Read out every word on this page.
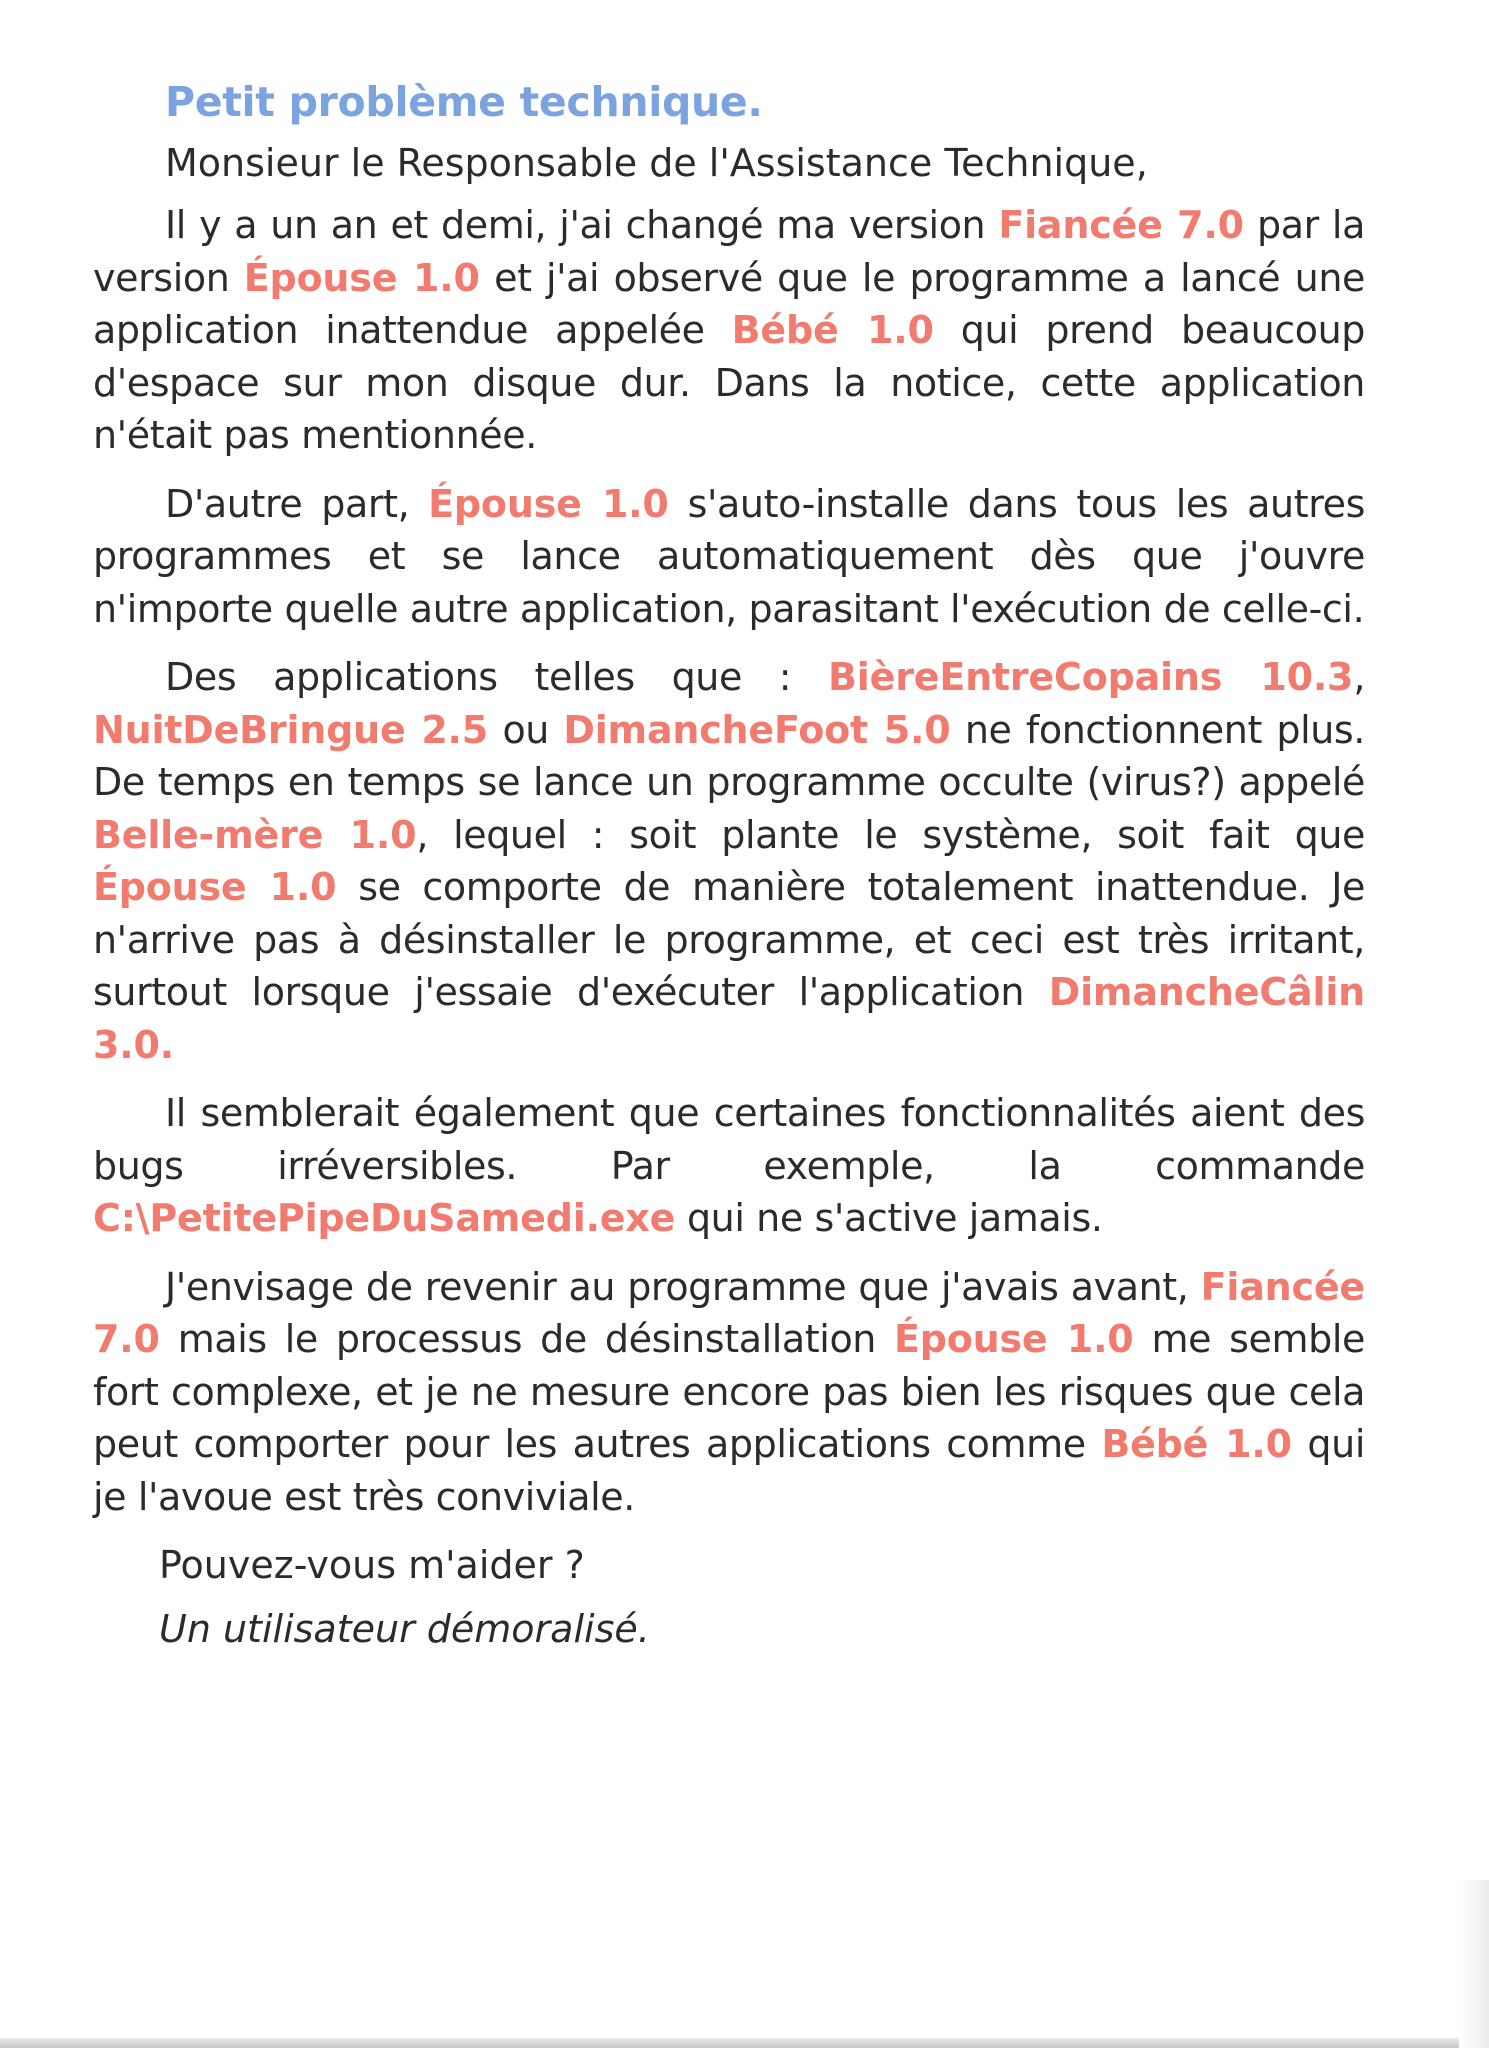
Petit problème technique.
Monsieur le Responsable de l'Assistance Technique,

Il y a un an et demi, j'ai changé ma version Fiancée 7.0 par la version Épouse 1.0 et j'ai observé que le programme a lancé une application inattendue appelée Bébé 1.0 qui prend beaucoup d'espace sur mon disque dur. Dans la notice, cette application n'était pas mentionnée.

D'autre part, Épouse 1.0 s'auto-installe dans tous les autres programmes et se lance automatiquement dès que j'ouvre n'importe quelle autre application, parasitant l'exécution de celle-ci.

Des applications telles que : BièreEntreCopains 10.3, NuitDeBringue 2.5 ou DimancheFoot 5.0 ne fonctionnent plus. De temps en temps se lance un programme occulte (virus?) appelé Belle-mère 1.0, lequel : soit plante le système, soit fait que Épouse 1.0 se comporte de manière totalement inattendue. Je n'arrive pas à désinstaller le programme, et ceci est très irritant, surtout lorsque j'essaie d'exécuter l'application DimancheCâlin 3.0.

Il semblerait également que certaines fonctionnalités aient des bugs irréversibles. Par exemple, la commande C:\PetitePipeDuSamedi.exe qui ne s'active jamais.

J'envisage de revenir au programme que j'avais avant, Fiancée 7.0 mais le processus de désinstallation Épouse 1.0 me semble fort complexe, et je ne mesure encore pas bien les risques que cela peut comporter pour les autres applications comme Bébé 1.0 qui je l'avoue est très conviviale.

Pouvez-vous m'aider ?
Un utilisateur démoralisé.
